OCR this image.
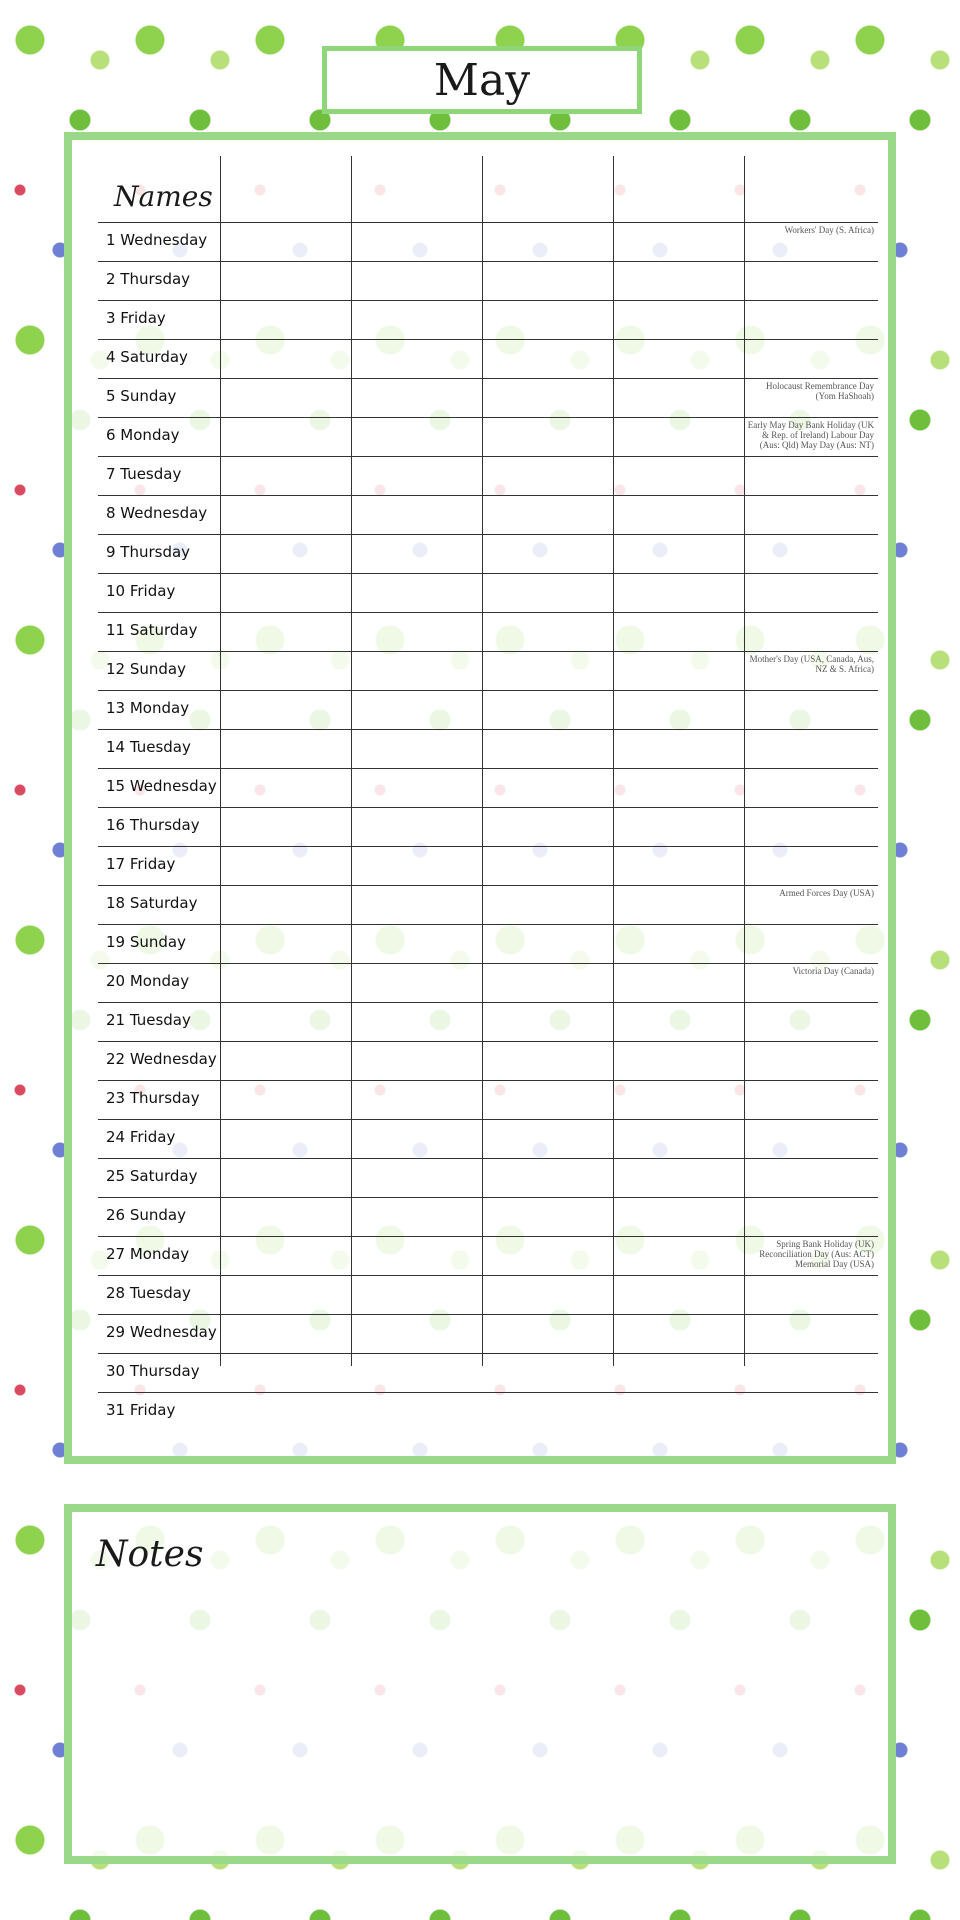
May
Names
1 Wednesday
Workers' Day (S. Africa)
2 Thursday
3 Friday
4 Saturday
5 Sunday
Holocaust Remembrance Day (Yom HaShoah)
6 Monday
Early May Day Bank Holiday (UK & Rep. of Ireland) Labour Day (Aus: Qld) May Day (Aus: NT)
7 Tuesday
8 Wednesday
9 Thursday
10 Friday
11 Saturday
12 Sunday
Mother's Day (USA, Canada, Aus, NZ & S. Africa)
13 Monday
14 Tuesday
15 Wednesday
16 Thursday
17 Friday
18 Saturday
Armed Forces Day (USA)
19 Sunday
20 Monday
Victoria Day (Canada)
21 Tuesday
22 Wednesday
23 Thursday
24 Friday
25 Saturday
26 Sunday
27 Monday
Spring Bank Holiday (UK) Reconciliation Day (Aus: ACT) Memorial Day (USA)
28 Tuesday
29 Wednesday
30 Thursday
31 Friday
Notes
